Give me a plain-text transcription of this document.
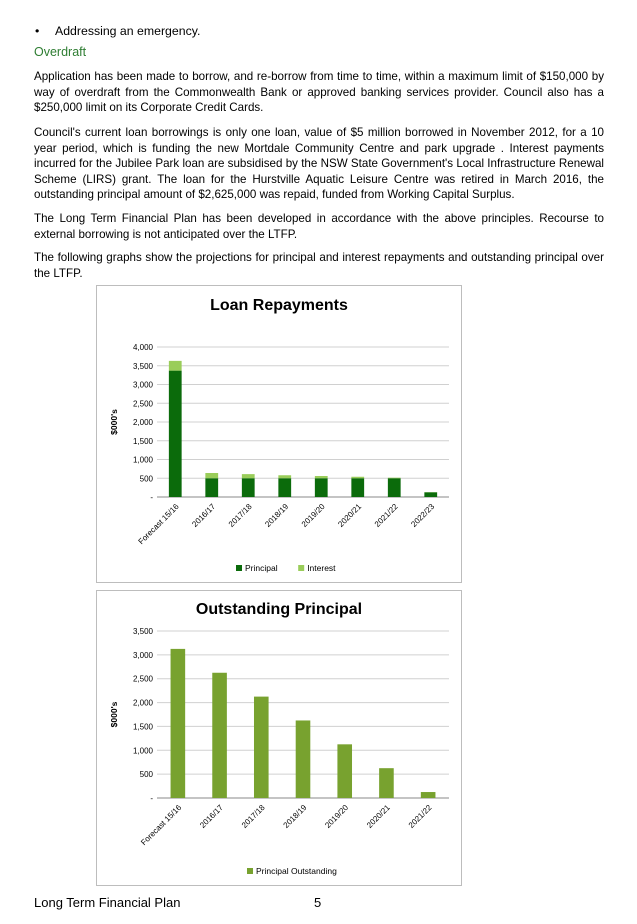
• Addressing an emergency.
Overdraft

Application has been made to borrow, and re-borrow from time to time, within a maximum limit of $150,000 by way of overdraft from the Commonwealth Bank or approved banking services provider. Council also has a $250,000 limit on its Corporate Credit Cards.

Council's current loan borrowings is only one loan, value of $5 million borrowed in November 2012, for a 10 year period, which is funding the new Mortdale Community Centre and park upgrade . Interest payments incurred for the Jubilee Park loan are subsidised by the NSW State Government's Local Infrastructure Renewal Scheme (LIRS) grant. The loan for the Hurstville Aquatic Leisure Centre was retired in March 2016, the outstanding principal amount of $2,625,000 was repaid, funded from Working Capital Surplus.

The Long Term Financial Plan has been developed in accordance with the above principles. Recourse to external borrowing is not anticipated over the LTFP.

The following graphs show the projections for principal and interest repayments and outstanding principal over the LTFP.

Loan Repayments
-
500
1,000
1,500
2,000
2,500
3,000
3,500
4,000
$000's
Forecast 15/16 2016/17 2017/18 2018/19 2019/20 2020/21 2021/22 2022/23
Principal	Interest
Outstanding Principal
-
500
1,000
1,500
2,000
2,500
3,000
3,500
$000's
Forecast 15/16 2016/17 2017/18 2018/19 2019/20 2020/21 2021/22
Principal Outstanding
Long Term Financial Plan	5
